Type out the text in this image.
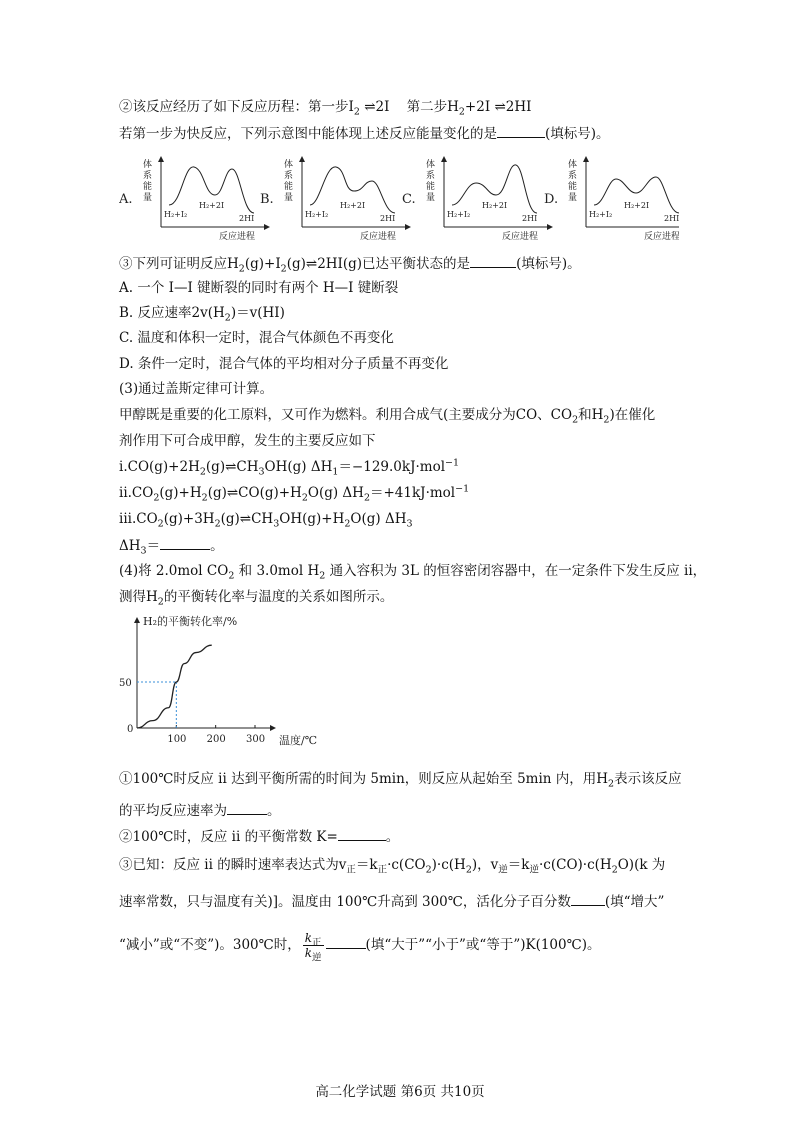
②该反应经历了如下反应历程：第一步$I_2$ ⇌2I 第二步$H_2+2I$ ⇌2HI
若第一步为快反应，下列示意图中能体现上述反应能量变化的是	(填标号)。
A.
体
系
能
量
H₂+I₂
H₂+2I
2HI
反应进程
B.
体
系
能
量
H₂+I₂
H₂+2I
2HI
反应进程
C.
体
系
能
量
H₂+I₂
H₂+2I
2HI
反应进程
D.
体
系
能
量
H₂+I₂
H₂+2I
2HI
反应进程
③下列可证明反应$H_2(g)+I_2(g)\rightleftharpoons 2HI(g)$已达平衡状态的是	(填标号)。
A. 一个 I—I 键断裂的同时有两个 H—I 键断裂
B. 反应速率$2v(H_2)=v(HI)$
C. 温度和体积一定时，混合气体颜色不再变化
D. 条件一定时，混合气体的平均相对分子质量不再变化
(3)通过盖斯定律可计算。
甲醇既是重要的化工原料，又可作为燃料。利用合成气(主要成分为CO、$CO_2$和$H_2$)在催化
剂作用下可合成甲醇，发生的主要反应如下
$i.CO(g)+2H_2(g)\rightleftharpoons CH_3OH(g)$ $\Delta H_1=-129.0kJ\cdot mol^{-1}$
$ii.CO_2(g)+H_2(g)\rightleftharpoons CO(g)+H_2O(g)$ $\Delta H_2=+41kJ\cdot mol^{-1}$
$iii.CO_2(g)+3H_2(g)\rightleftharpoons CH_3OH(g)+H_2O(g)$ $\Delta H_3$
$\Delta H_3=$	。
(4)将 2.0mol $CO_2$ 和 3.0mol $H_2$ 通入容积为 3L 的恒容密闭容器中，在一定条件下发生反应 ii，
测得$H_2$的平衡转化率与温度的关系如图所示。
H₂的平衡转化率/%
温度/℃
0
100 200 300
50
①100℃时反应 ii 达到平衡所需的时间为 5min，则反应从起始至 5min 内，用$H_2$表示该反应
的平均反应速率为	。
②100℃时，反应 ii 的平衡常数 K=	。
③已知：反应 ii 的瞬时速率表达式为$v_正=k_正\cdot c(CO_2)\cdot c(H_2)$，$v_逆=k_逆\cdot c(CO)\cdot c(H_2O)(k$ 为
速率常数，只与温度有关)]。温度由 100℃升高到 300℃，活化分子百分数	(填“增大”
“减小”或“不变”)。300℃时， $\frac{k_正}{k_逆}$	(填“大于”“小于”或“等于”)K(100℃)。
高二化学试题 第6页 共10页
